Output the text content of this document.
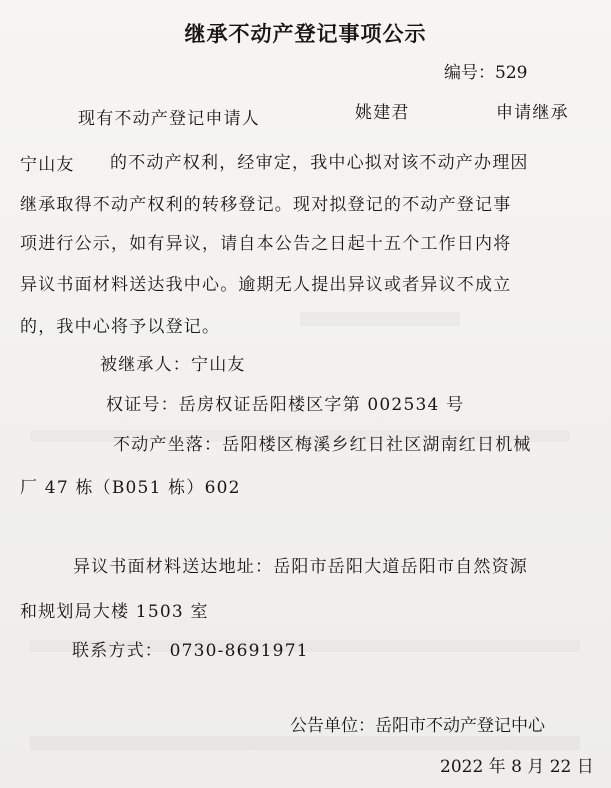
继承不动产登记事项公示
编号：529
现有不动产登记申请人	姚建君	申请继承
宁山友 的不动产权利，经审定，我中心拟对该不动产办理因
继承取得不动产权利的转移登记。现对拟登记的不动产登记事
项进行公示，如有异议，请自本公告之日起十五个工作日内将
异议书面材料送达我中心。逾期无人提出异议或者异议不成立
的，我中心将予以登记。
被继承人：宁山友
权证号：岳房权证岳阳楼区字第 002534 号
不动产坐落：岳阳楼区梅溪乡红日社区湖南红日机械
厂 47 栋（B051 栋）602
异议书面材料送达地址：岳阳市岳阳大道岳阳市自然资源
和规划局大楼 1503 室
联系方式： 0730-8691971
公告单位：岳阳市不动产登记中心
2022 年 8 月 22 日
